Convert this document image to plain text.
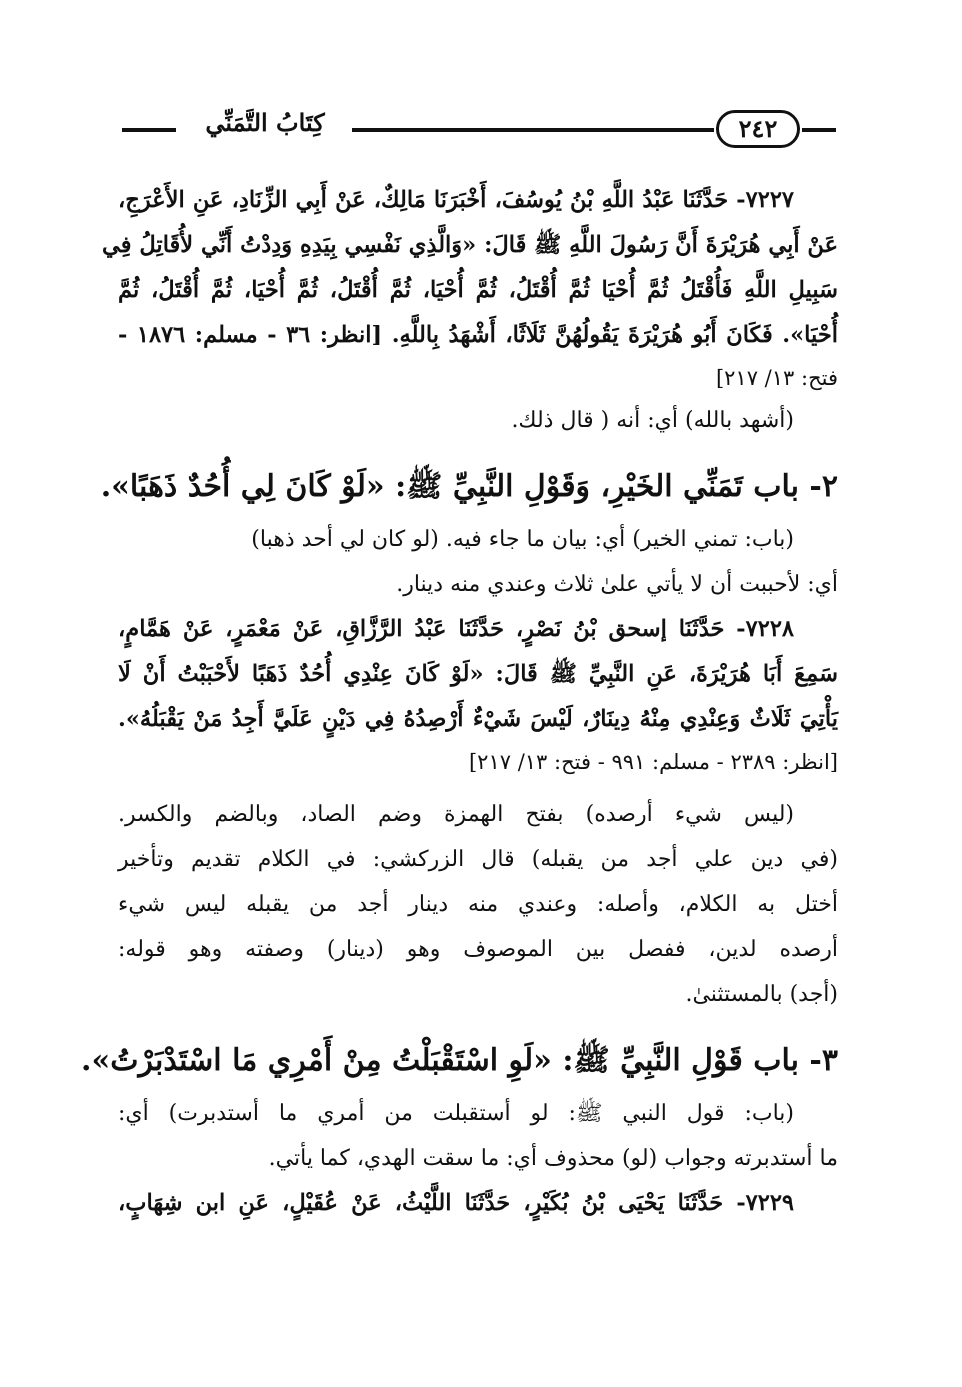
كِتَابُ التَّمَنِّي	٢٤٢
٧٢٢٧- حَدَّثَنَا عَبْدُ اللَّهِ بْنُ يُوسُفَ، أَخْبَرَنَا مَالِكٌ، عَنْ أَبِي الزِّنَادِ، عَنِ الأَعْرَجِ،
عَنْ أَبِي هُرَيْرَةَ أَنَّ رَسُولَ اللَّهِ ﷺ قَالَ: «وَالَّذِي نَفْسِي بِيَدِهِ وَدِدْتُ أَنِّي لأُقَاتِلُ فِي
سَبِيلِ اللَّهِ فَأُقْتَلُ ثُمَّ أُحْيَا ثُمَّ أُقْتَلُ، ثُمَّ أُحْيَا، ثُمَّ أُقْتَلُ، ثُمَّ أُحْيَا، ثُمَّ أُقْتَلُ، ثُمَّ
أُحْيَا». فَكَانَ أَبُو هُرَيْرَةَ يَقُولُهُنَّ ثَلَاثًا، أَشْهَدُ بِاللَّهِ. [انظر: ٣٦ - مسلم: ١٨٧٦ -
فتح: ١٣/ ٢١٧]
(أشهد بالله) أي: أنه ( قال ذلك.
٢- باب تَمَنِّي الخَيْرِ، وَقَوْلِ النَّبِيِّ ﷺ: «لَوْ كَانَ لِي أُحُدٌ ذَهَبًا».
(باب: تمني الخير) أي: بيان ما جاء فيه. (لو كان لي أحد ذهبا)
أي: لأحببت أن لا يأتي علىٰ ثلاث وعندي منه دينار.
٧٢٢٨- حَدَّثَنَا إسحق بْنُ نَصْرٍ، حَدَّثَنَا عَبْدُ الرَّزَّاقِ، عَنْ مَعْمَرٍ، عَنْ هَمَّامٍ،
سَمِعَ أَبَا هُرَيْرَةَ، عَنِ النَّبِيِّ ﷺ قَالَ: «لَوْ كَانَ عِنْدِي أُحُدٌ ذَهَبًا لأَحْبَبْتُ أَنْ لَا
يَأْتِيَ ثَلَاثٌ وَعِنْدِي مِنْهُ دِينَارٌ، لَيْسَ شَيْءٌ أَرْصِدُهُ فِي دَيْنٍ عَلَيَّ أَجِدُ مَنْ يَقْبَلُهُ».
[انظر: ٢٣٨٩ - مسلم: ٩٩١ - فتح: ١٣/ ٢١٧]
(ليس شيء أرصده) بفتح الهمزة وضم الصاد، وبالضم والكسر.
(في دين علي أجد من يقبله) قال الزركشي: في الكلام تقديم وتأخير
أختل به الكلام، وأصله: وعندي منه دينار أجد من يقبله ليس شيء
أرصده لدين، ففصل بين الموصوف وهو (دينار) وصفته وهو قوله:
(أجد) بالمستثنىٰ.
٣- باب قَوْلِ النَّبِيِّ ﷺ: «لَوِ اسْتَقْبَلْتُ مِنْ أَمْرِي مَا اسْتَدْبَرْتُ».
(باب: قول النبي ﷺ: لو أستقبلت من أمري ما أستدبرت) أي:
ما أستدبرته وجواب (لو) محذوف أي: ما سقت الهدي، كما يأتي.
٧٢٢٩- حَدَّثَنَا يَحْيَى بْنُ بُكَيْرٍ، حَدَّثَنَا اللَّيْثُ، عَنْ عُقَيْلٍ، عَنِ ابن شِهَابٍ،
